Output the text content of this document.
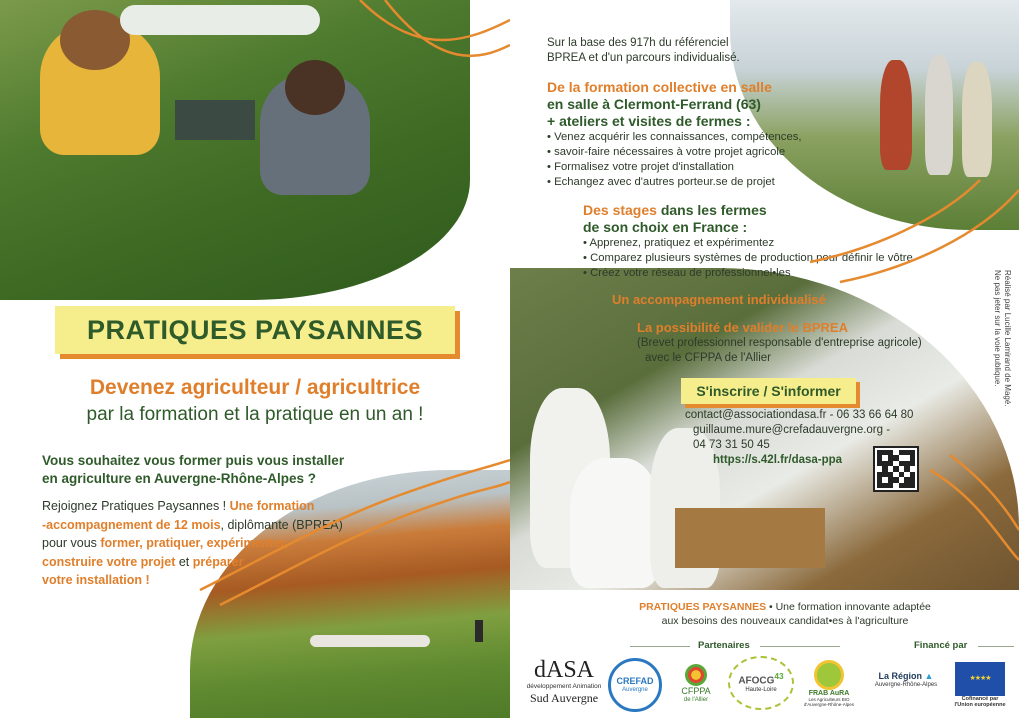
PRATIQUES PAYSANNES
Devenez agriculteur / agricultrice
par la formation et la pratique en un an !
Vous souhaitez vous former puis vous installer
en agriculture en Auvergne-Rhône-Alpes ?
Rejoignez Pratiques Paysannes ! Une formation
-accompagnement de 12 mois, diplômante (BPREA)
pour vous former, pratiquer, expérimenter,
construire votre projet et préparer
votre installation !
Sur la base des 917h du référenciel
BPREA et d'un parcours individualisé.
De la formation collective en salle
en salle à Clermont-Ferrand (63)
+ ateliers et visites de fermes :
• Venez acquérir les connaissances, compétences,
• savoir-faire nécessaires à votre projet agricole
• Formalisez votre projet d'installation
• Echangez avec d'autres porteur.se de projet
Des stages dans les fermes
de son choix en France :
• Apprenez, pratiquez et expérimentez
• Comparez plusieurs systèmes de production pour définir le vôtre
• Créez votre réseau de professionnel•les
Un accompagnement individualisé
La possibilité de valider le BPREA
(Brevet professionnel responsable d'entreprise agricole)
avec le CFPPA de l'Allier
S'inscrire / S'informer
contact@associationdasa.fr - 06 33 66 64 80
guillaume.mure@crefadauvergne.org -
04 73 31 50 45
https://s.42l.fr/dasa-ppa
Réalisé par Lucille Lamirand de Magé.
Ne pas jeter sur la voie publique.
PRATIQUES PAYSANNES • Une formation innovante adaptée
aux besoins des nouveaux candidat•es à l'agriculture
Partenaires	Financé par
dASA
développement Animation
Sud Auvergne
CREFAD
Auvergne	CFPPA
de l'Allier
AFOCG$^{43}$
Haute-Loire	FRAB AuRA
Les Agriculteurs BIO d'Auvergne-Rhône-Alpes
La Région ▲
Auvergne-Rhône-Alpes
★★★★
Cofinancé par
l'Union européenne
